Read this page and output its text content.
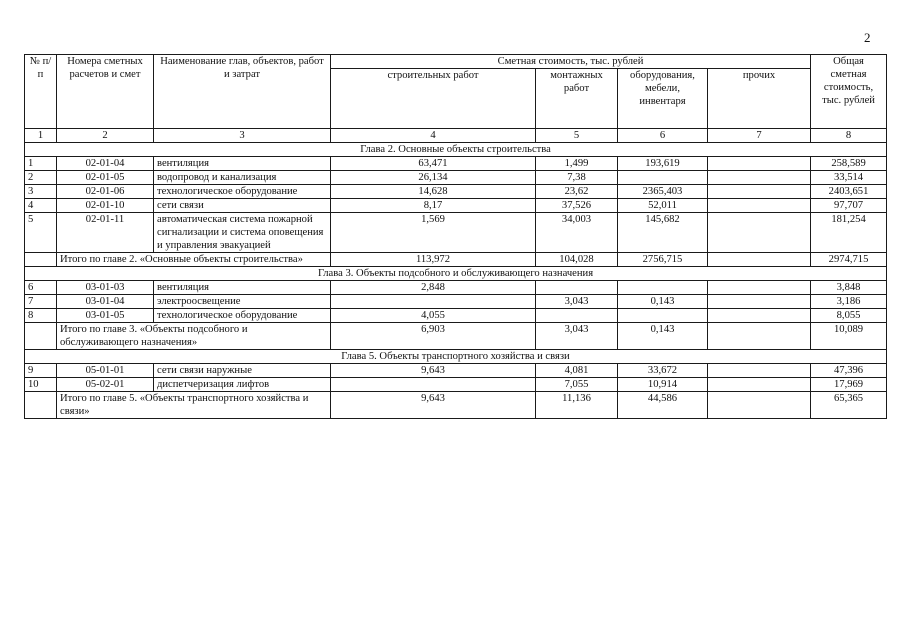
2
№ п/п	Номера сметных расчетов и смет	Наименование глав, объектов, работ и затрат	Сметная стоимость, тыс. рублей				Общая сметная стоимость, тыс. рублей
			строительных работ	монтажных работ	оборудования, мебели, инвентаря	прочих	
1	2	3	4	5	6	7	8
Глава 2. Основные объекты строительства							
1	02-01-04	вентиляция	63,471	1,499	193,619		258,589
2	02-01-05	водопровод и канализация	26,134	7,38			33,514
3	02-01-06	технологическое оборудование	14,628	23,62	2365,403		2403,651
4	02-01-10	сети связи	8,17	37,526	52,011		97,707
5	02-01-11	автоматическая система пожарной сигнализации и системa оповещения и управления эвакуацией	1,569	34,003	145,682		181,254
	Итого по главе 2. «Основные объекты строительства»		113,972	104,028	2756,715		2974,715
Глава 3. Объекты подсобного и обслуживающего назначения							
6	03-01-03	вентиляция	2,848				3,848
7	03-01-04	электроосвещение		3,043	0,143		3,186
8	03-01-05	технологическое оборудование	4,055				8,055
	Итого по главе 3. «Объекты подсобного и обслуживающего назначения»		6,903	3,043	0,143		10,089
Глава 5. Объекты транспортного хозяйства и связи							
9	05-01-01	сети связи наружные	9,643	4,081	33,672		47,396
10	05-02-01	диспетчеризация лифтов		7,055	10,914		17,969
	Итого по главе 5. «Объекты транспортного хозяйства и связи»		9,643	11,136	44,586		65,365
